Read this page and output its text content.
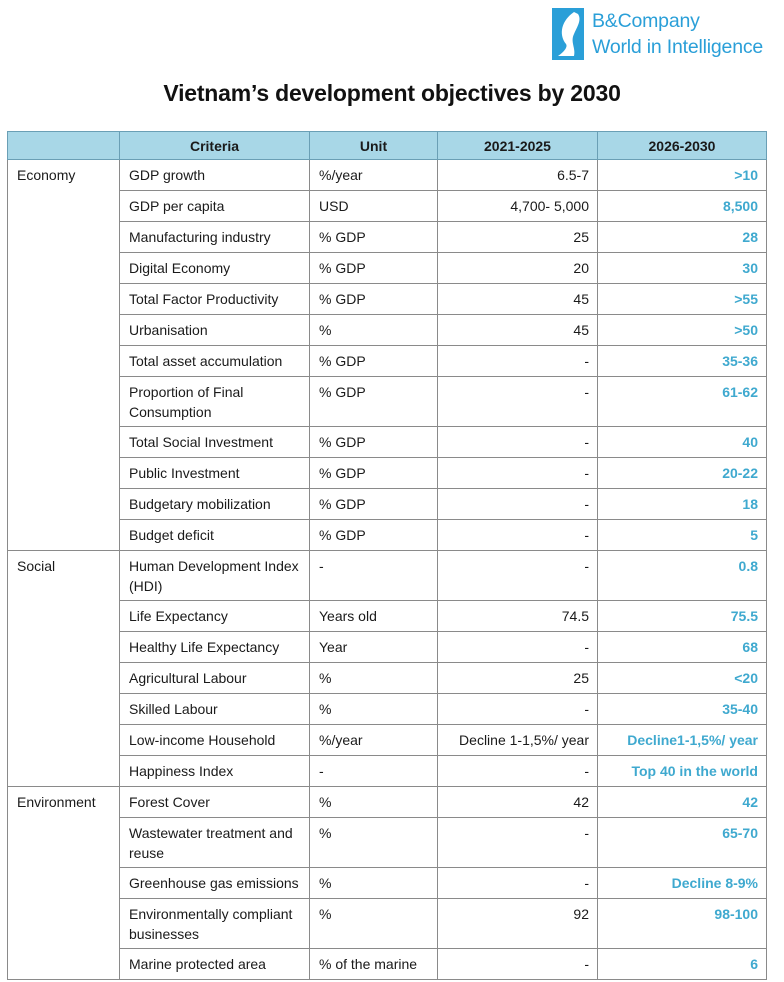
B&Company
World in Intelligence
Vietnam’s development objectives by 2030
	Criteria	Unit	2021-2025	2026-2030
Economy	GDP growth	%/year	6.5-7	>10
	GDP per capita	USD	4,700- 5,000	8,500
	Manufacturing industry	% GDP	25	28
	Digital Economy	% GDP	20	30
	Total Factor Productivity	% GDP	45	>55
	Urbanisation	%	45	>50
	Total asset accumulation	% GDP	-	35-36
	Proportion of Final Consumption	% GDP	-	61-62
	Total Social Investment	% GDP	-	40
	Public Investment	% GDP	-	20-22
	Budgetary mobilization	% GDP	-	18
	Budget deficit	% GDP	-	5
Social	Human Development Index (HDI)	-	-	0.8
	Life Expectancy	Years old	74.5	75.5
	Healthy Life Expectancy	Year	-	68
	Agricultural Labour	%	25	<20
	Skilled Labour	%	-	35-40
	Low-income Household	%/year	Decline 1-1,5%/ year	Decline1-1,5%/ year
	Happiness Index	-	-	Top 40 in the world
Environment	Forest Cover	%	42	42
	Wastewater treatment and reuse	%	-	65-70
	Greenhouse gas emissions	%	-	Decline 8-9%
	Environmentally compliant businesses	%	92	98-100
	Marine protected area	% of the marine	-	6
